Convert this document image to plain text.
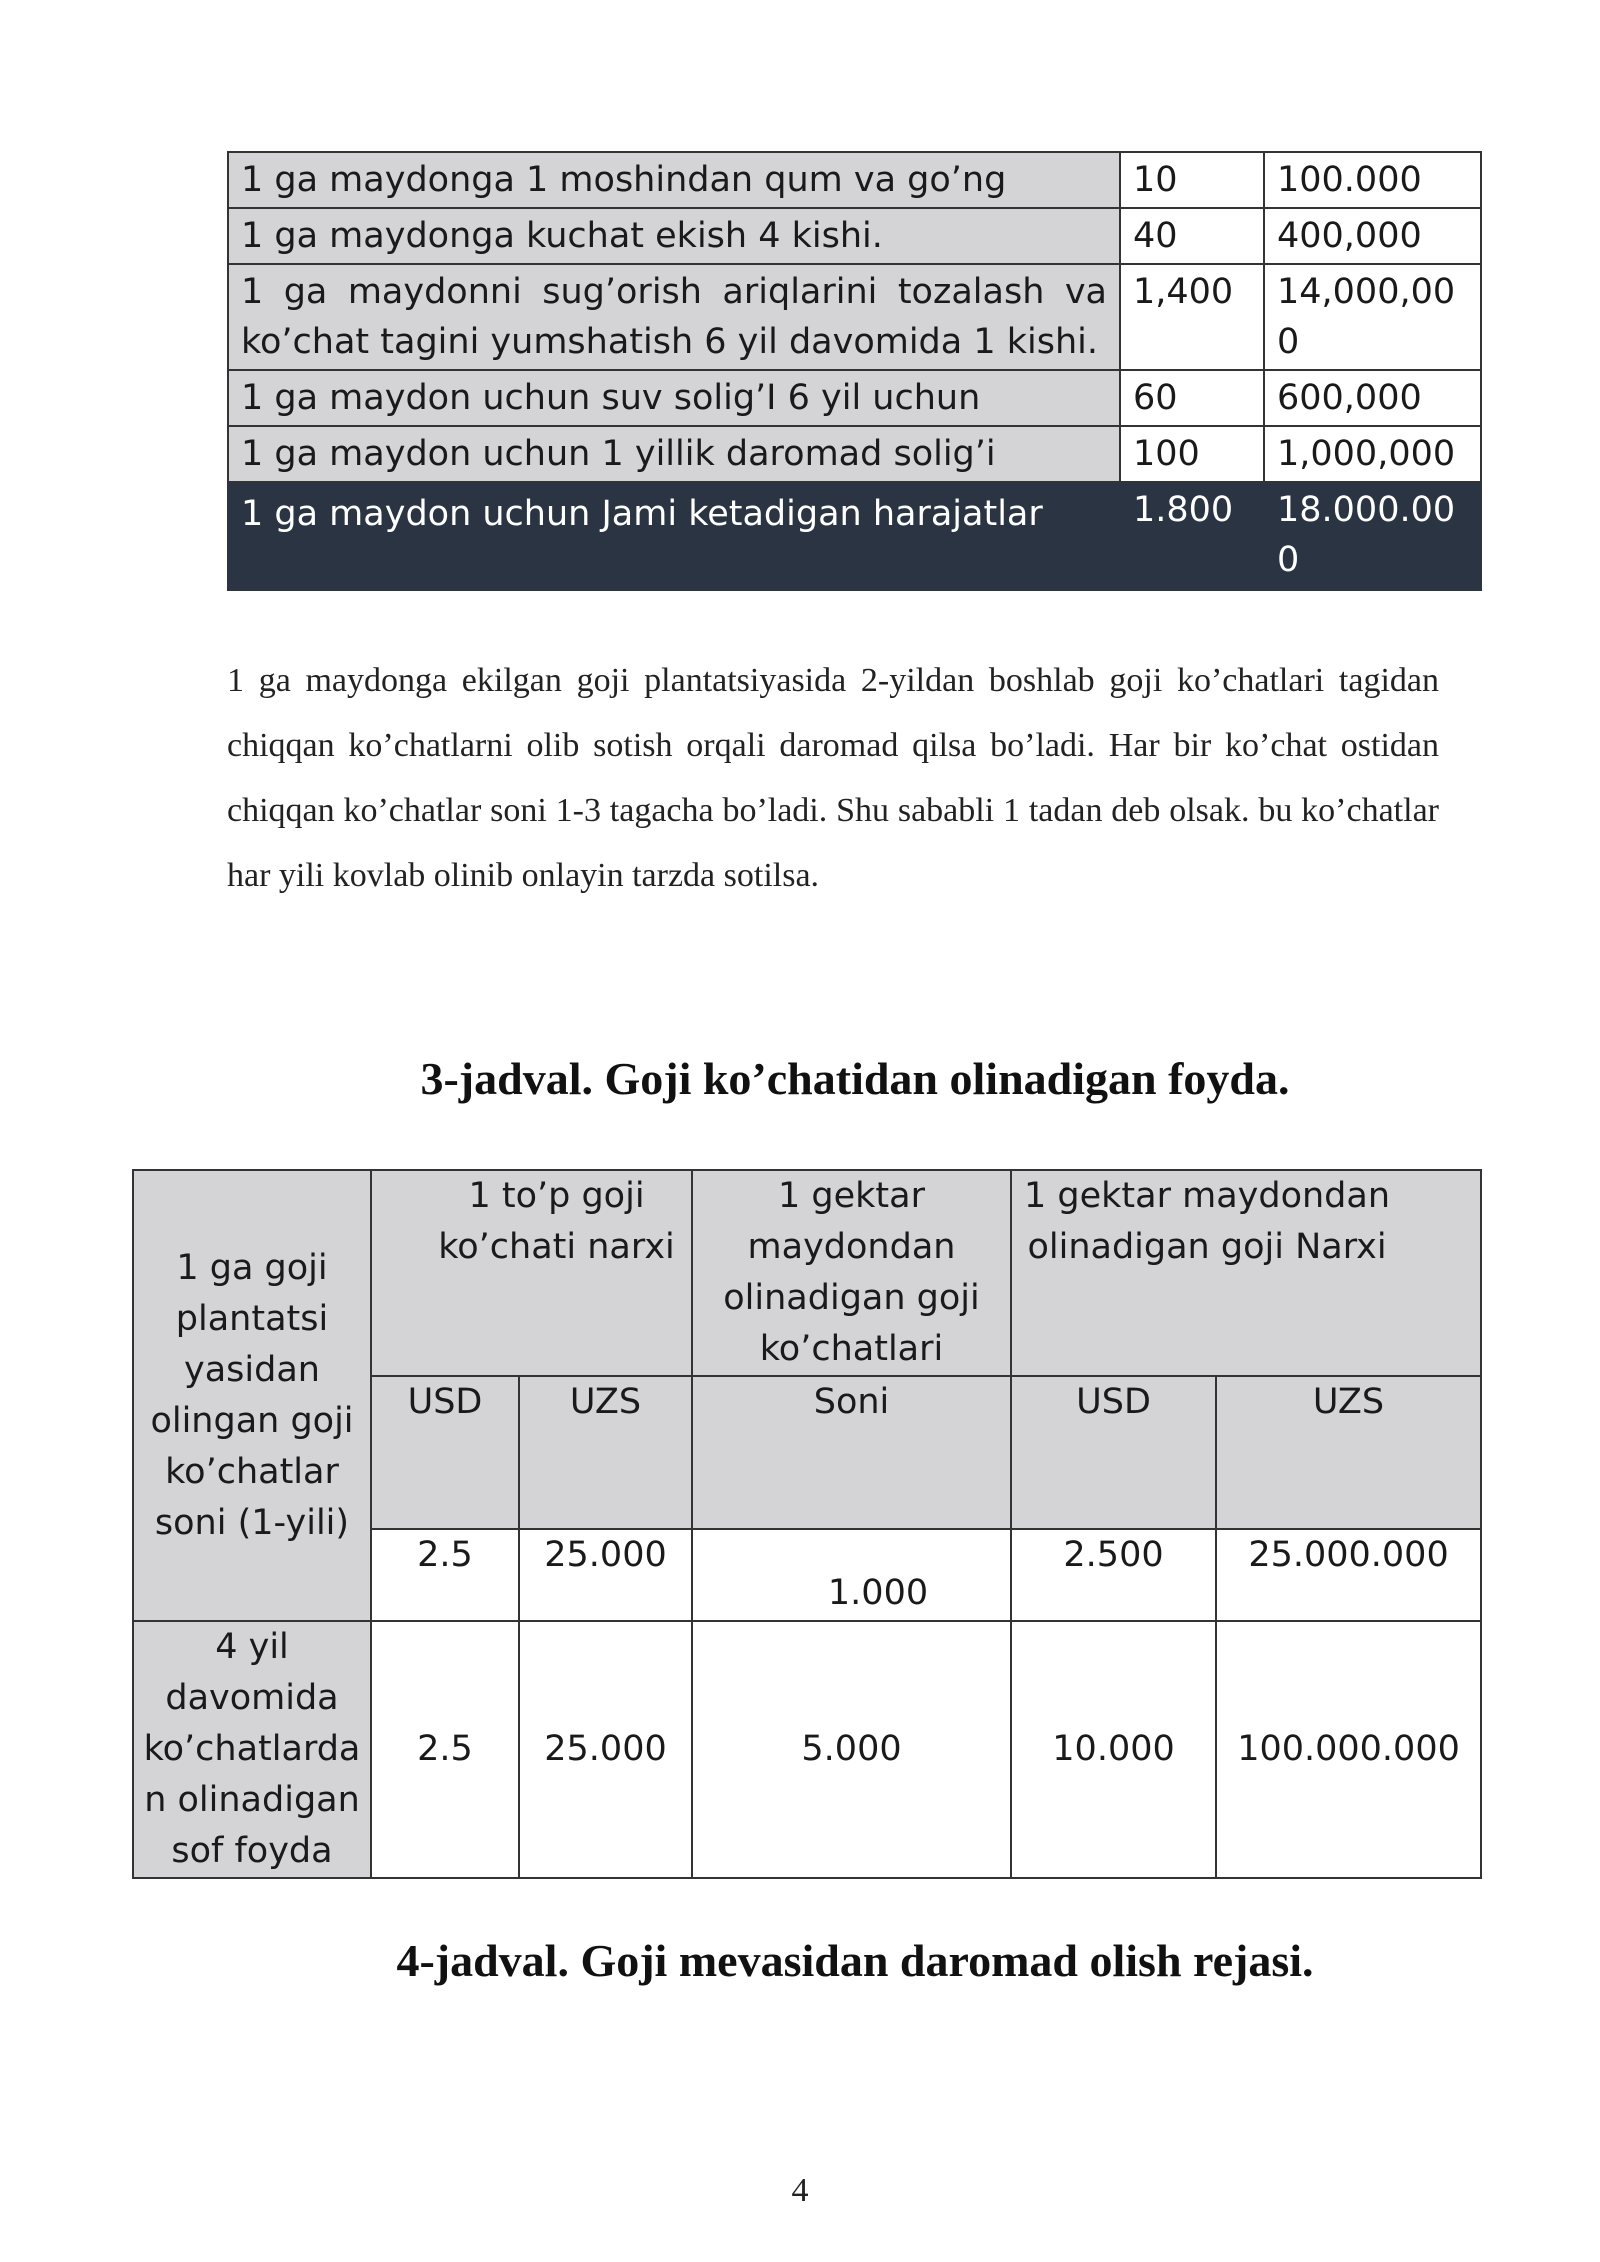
1 ga maydonga 1 moshindan qum va go’ng	10	100.000
1 ga maydonga kuchat ekish 4 kishi.	40	400,000
1 ga maydonni sug’orish ariqlarini tozalash va ko’chat tagini yumshatish 6 yil davomida 1 kishi.	1,400	14,000,00 0
1 ga maydon uchun suv solig’I 6 yil uchun	60	600,000
1 ga maydon uchun 1 yillik daromad solig’i	100	1,000,000
1 ga maydon uchun Jami ketadigan harajatlar	1.800	18.000.00 0

1 ga maydonga ekilgan goji plantatsiyasida 2-yildan boshlab goji ko’chatlari tagidan chiqqan ko’chatlarni olib sotish orqali daromad qilsa bo’ladi. Har bir ko’chat ostidan chiqqan ko’chatlar soni 1-3 tagacha bo’ladi. Shu sababli 1 tadan deb olsak. bu ko’chatlar har yili kovlab olinib onlayin tarzda sotilsa.

3-jadval. Goji ko’chatidan olinadigan foyda.
1 ga goji plantatsi yasidan olingan goji ko’chatlar soni (1-yili)	1 to’p goji ko’chati narxi		1 gektar maydondan olinadigan goji ko’chatlari	1 gektar maydondan olinadigan goji Narxi	
	USD	UZS	Soni	USD	UZS
	2.5	25.000	1.000	2.500	25.000.000
4 yil davomida ko’chatlarda n olinadigan sof foyda	2.5	25.000	5.000	10.000	100.000.000
4-jadval. Goji mevasidan daromad olish rejasi.
4
